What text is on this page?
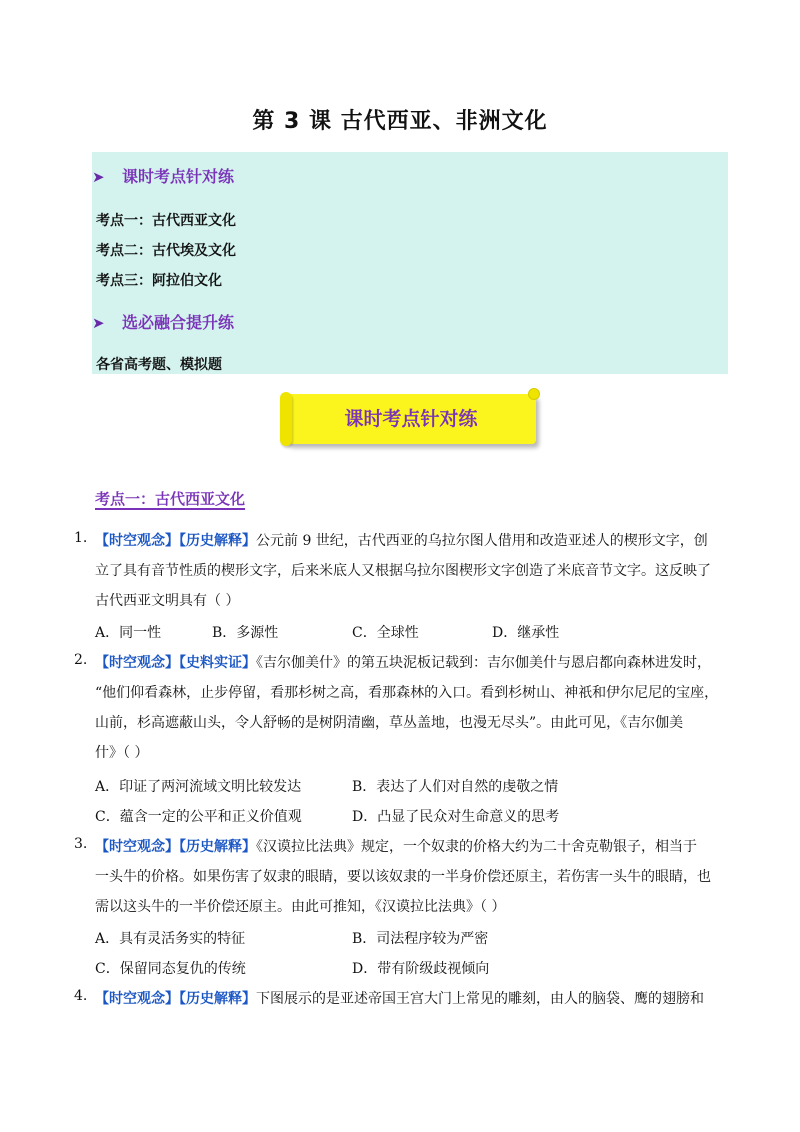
第 3 课 古代西亚、非洲文化
➤ 课时考点针对练
考点一：古代西亚文化
考点二：古代埃及文化
考点三：阿拉伯文化
➤ 选必融合提升练
各省高考题、模拟题
课时考点针对练
考点一：古代西亚文化
1. 【时空观念】【历史解释】公元前 9 世纪，古代西亚的乌拉尔图人借用和改造亚述人的楔形文字，创
立了具有音节性质的楔形文字，后来米底人又根据乌拉尔图楔形文字创造了米底音节文字。这反映了
古代西亚文明具有（ ）
A．同一性	B．多源性	C．全球性	D．继承性
2. 【时空观念】【史料实证】《吉尔伽美什》的第五块泥板记载到：吉尔伽美什与恩启都向森林进发时，
“他们仰看森林，止步停留，看那杉树之高，看那森林的入口。看到杉树山、神祇和伊尔尼尼的宝座，
山前，杉高遮蔽山头，令人舒畅的是树阴清幽，草丛盖地，也漫无尽头”。由此可见，《吉尔伽美
什》（ ）
A．印证了两河流域文明比较发达	B．表达了人们对自然的虔敬之情
C．蕴含一定的公平和正义价值观	D．凸显了民众对生命意义的思考
3. 【时空观念】【历史解释】《汉谟拉比法典》规定，一个奴隶的价格大约为二十舍克勒银子，相当于
一头牛的价格。如果伤害了奴隶的眼睛，要以该奴隶的一半身价偿还原主，若伤害一头牛的眼睛，也
需以这头牛的一半价偿还原主。由此可推知，《汉谟拉比法典》（ ）
A．具有灵活务实的特征	B．司法程序较为严密
C．保留同态复仇的传统	D．带有阶级歧视倾向
4. 【时空观念】【历史解释】下图展示的是亚述帝国王宫大门上常见的雕刻，由人的脑袋、鹰的翅膀和
